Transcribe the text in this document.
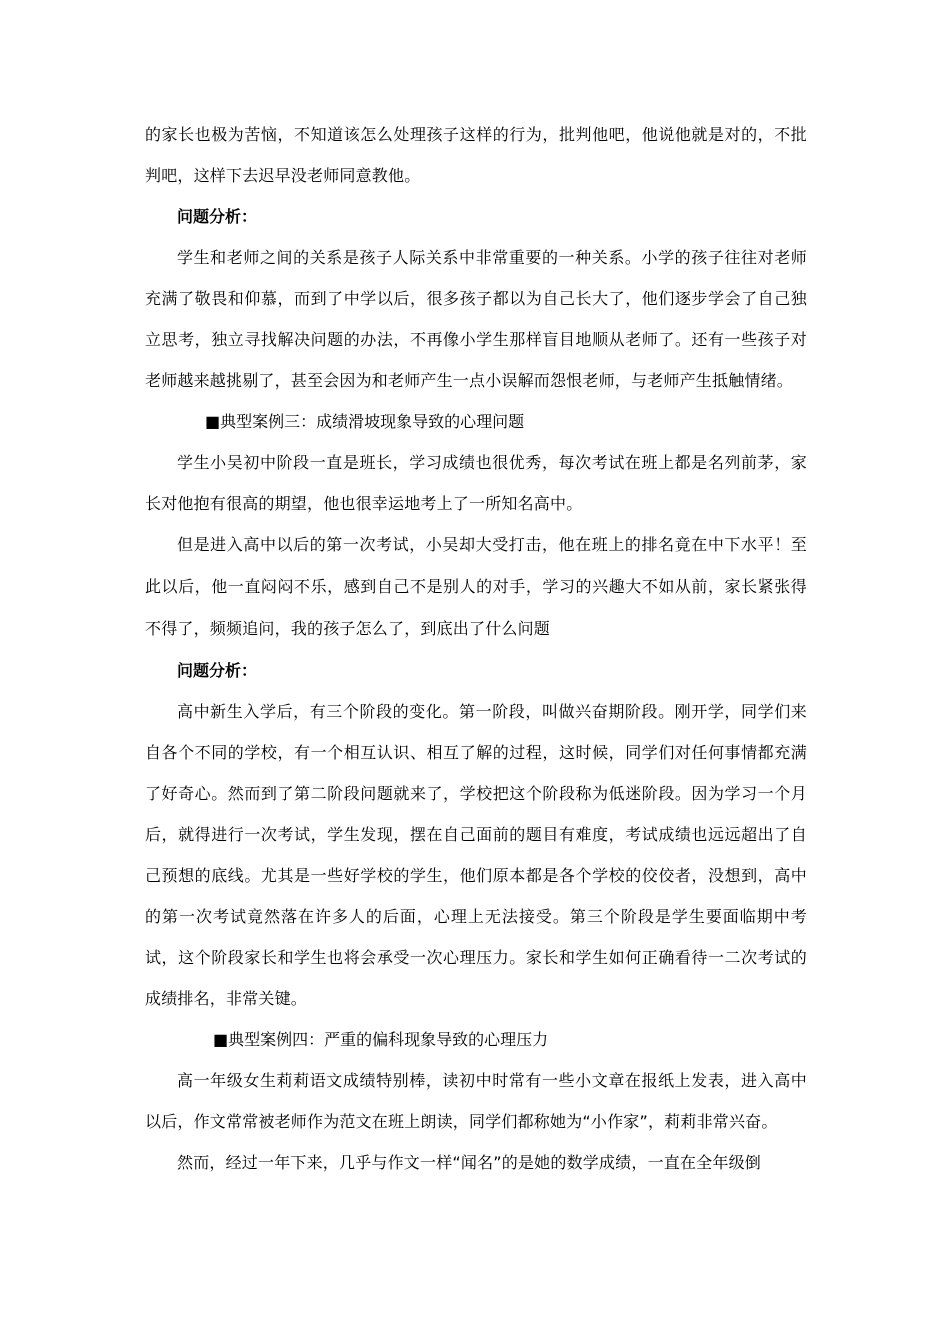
的家长也极为苦恼，不知道该怎么处理孩子这样的行为，批判他吧，他说他就是对的，不批判吧，这样下去迟早没老师同意教他。

问题分析：

学生和老师之间的关系是孩子人际关系中非常重要的一种关系。小学的孩子往往对老师充满了敬畏和仰慕，而到了中学以后，很多孩子都以为自己长大了，他们逐步学会了自己独立思考，独立寻找解决问题的办法，不再像小学生那样盲目地顺从老师了。还有一些孩子对老师越来越挑剔了，甚至会因为和老师产生一点小误解而怨恨老师，与老师产生抵触情绪。

■典型案例三：成绩滑坡现象导致的心理问题

学生小吴初中阶段一直是班长，学习成绩也很优秀，每次考试在班上都是名列前茅，家长对他抱有很高的期望，他也很幸运地考上了一所知名高中。

但是进入高中以后的第一次考试，小吴却大受打击，他在班上的排名竟在中下水平！至此以后，他一直闷闷不乐，感到自己不是别人的对手，学习的兴趣大不如从前，家长紧张得不得了，频频追问，我的孩子怎么了，到底出了什么问题

问题分析：

高中新生入学后，有三个阶段的变化。第一阶段，叫做兴奋期阶段。刚开学，同学们来自各个不同的学校，有一个相互认识、相互了解的过程，这时候，同学们对任何事情都充满了好奇心。然而到了第二阶段问题就来了，学校把这个阶段称为低迷阶段。因为学习一个月后，就得进行一次考试，学生发现，摆在自己面前的题目有难度，考试成绩也远远超出了自己预想的底线。尤其是一些好学校的学生，他们原本都是各个学校的佼佼者，没想到，高中的第一次考试竟然落在许多人的后面，心理上无法接受。第三个阶段是学生要面临期中考试，这个阶段家长和学生也将会承受一次心理压力。家长和学生如何正确看待一二次考试的成绩排名，非常关键。

■典型案例四：严重的偏科现象导致的心理压力

高一年级女生莉莉语文成绩特别棒，读初中时常有一些小文章在报纸上发表，进入高中以后，作文常常被老师作为范文在班上朗读，同学们都称她为“小作家”，莉莉非常兴奋。

然而，经过一年下来，几乎与作文一样“闻名”的是她的数学成绩，一直在全年级倒
